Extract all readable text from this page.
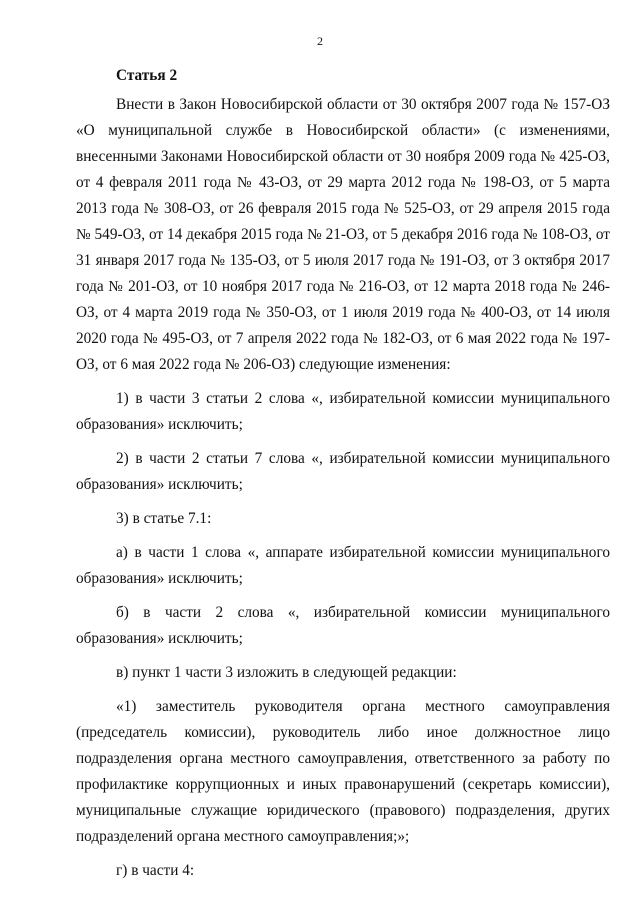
2
Статья 2

Внести в Закон Новосибирской области от 30 октября 2007 года № 157-ОЗ «О муниципальной службе в Новосибирской области» (с изменениями, внесенными Законами Новосибирской области от 30 ноября 2009 года № 425-ОЗ, от 4 февраля 2011 года № 43-ОЗ, от 29 марта 2012 года № 198-ОЗ, от 5 марта 2013 года № 308-ОЗ, от 26 февраля 2015 года № 525-ОЗ, от 29 апреля 2015 года № 549-ОЗ, от 14 декабря 2015 года № 21-ОЗ, от 5 декабря 2016 года № 108-ОЗ, от 31 января 2017 года № 135-ОЗ, от 5 июля 2017 года № 191-ОЗ, от 3 октября 2017 года № 201-ОЗ, от 10 ноября 2017 года № 216-ОЗ, от 12 марта 2018 года № 246-ОЗ, от 4 марта 2019 года № 350-ОЗ, от 1 июля 2019 года № 400-ОЗ, от 14 июля 2020 года № 495-ОЗ, от 7 апреля 2022 года № 182-ОЗ, от 6 мая 2022 года № 197-ОЗ, от 6 мая 2022 года № 206-ОЗ) следующие изменения:

1) в части 3 статьи 2 слова «, избирательной комиссии муниципального образования» исключить;

2) в части 2 статьи 7 слова «, избирательной комиссии муниципального образования» исключить;

3) в статье 7.1:

а) в части 1 слова «, аппарате избирательной комиссии муниципального образования» исключить;

б) в части 2 слова «, избирательной комиссии муниципального образования» исключить;

в) пункт 1 части 3 изложить в следующей редакции:

«1) заместитель руководителя органа местного самоуправления (председатель комиссии), руководитель либо иное должностное лицо подразделения органа местного самоуправления, ответственного за работу по профилактике коррупционных и иных правонарушений (секретарь комиссии), муниципальные служащие юридического (правового) подразделения, других подразделений органа местного самоуправления;»;

г) в части 4:
